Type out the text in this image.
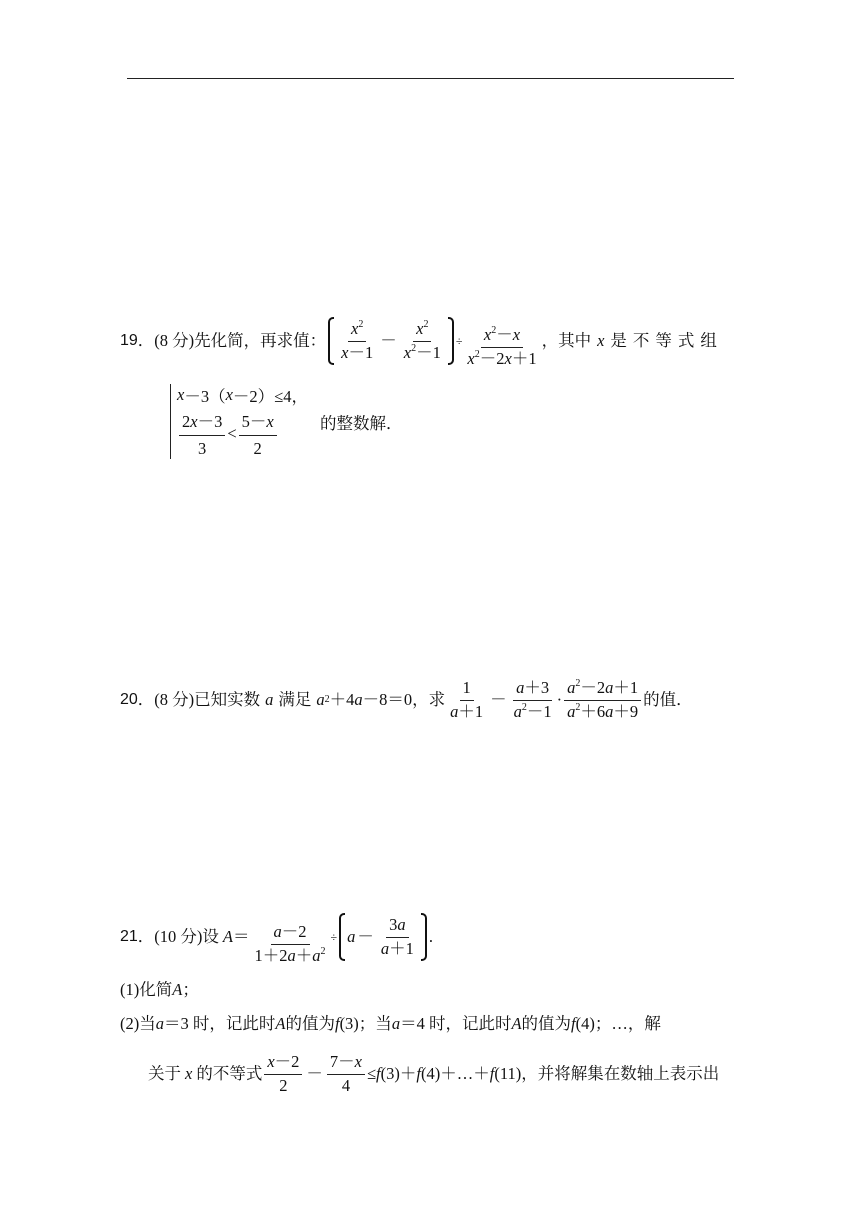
19 ． (8 分) 先化简，再求值： $\frac{x^2}{x-1} - \frac{x^2}{x^2-1} \div \frac{x^2-x}{x^2-2x+1}$ ，其中 x 是不等式组
x －3（ x －2）≤4，
$\frac{2x-3}{3} < \frac{5-x}{2}$	的整数解．
20 ． (8 分) 已知实数 a 满足 a 2 ＋4 a －8＝0，求 $\frac{1}{a+1} - \frac{a+3}{a^2-1} \cdot \frac{a^2-2a+1}{a^2+6a+9}$ 的值．
21 ． (10 分) 设 $A = \frac{a-2}{1+2a+a^2} \div a - \frac{3a}{a+1}$ .
(1)化简 A ；
(2)当 a ＝3 时，记此时 A 的值为 f (3)；当 a ＝4 时，记此时 A 的值为 f (4)；…，解
关于 x 的不等式 $\frac{x-2}{2} - \frac{7-x}{4} \le f$ (3)＋ f (4)＋…＋ f (11)，并将解集在数轴上表示出
